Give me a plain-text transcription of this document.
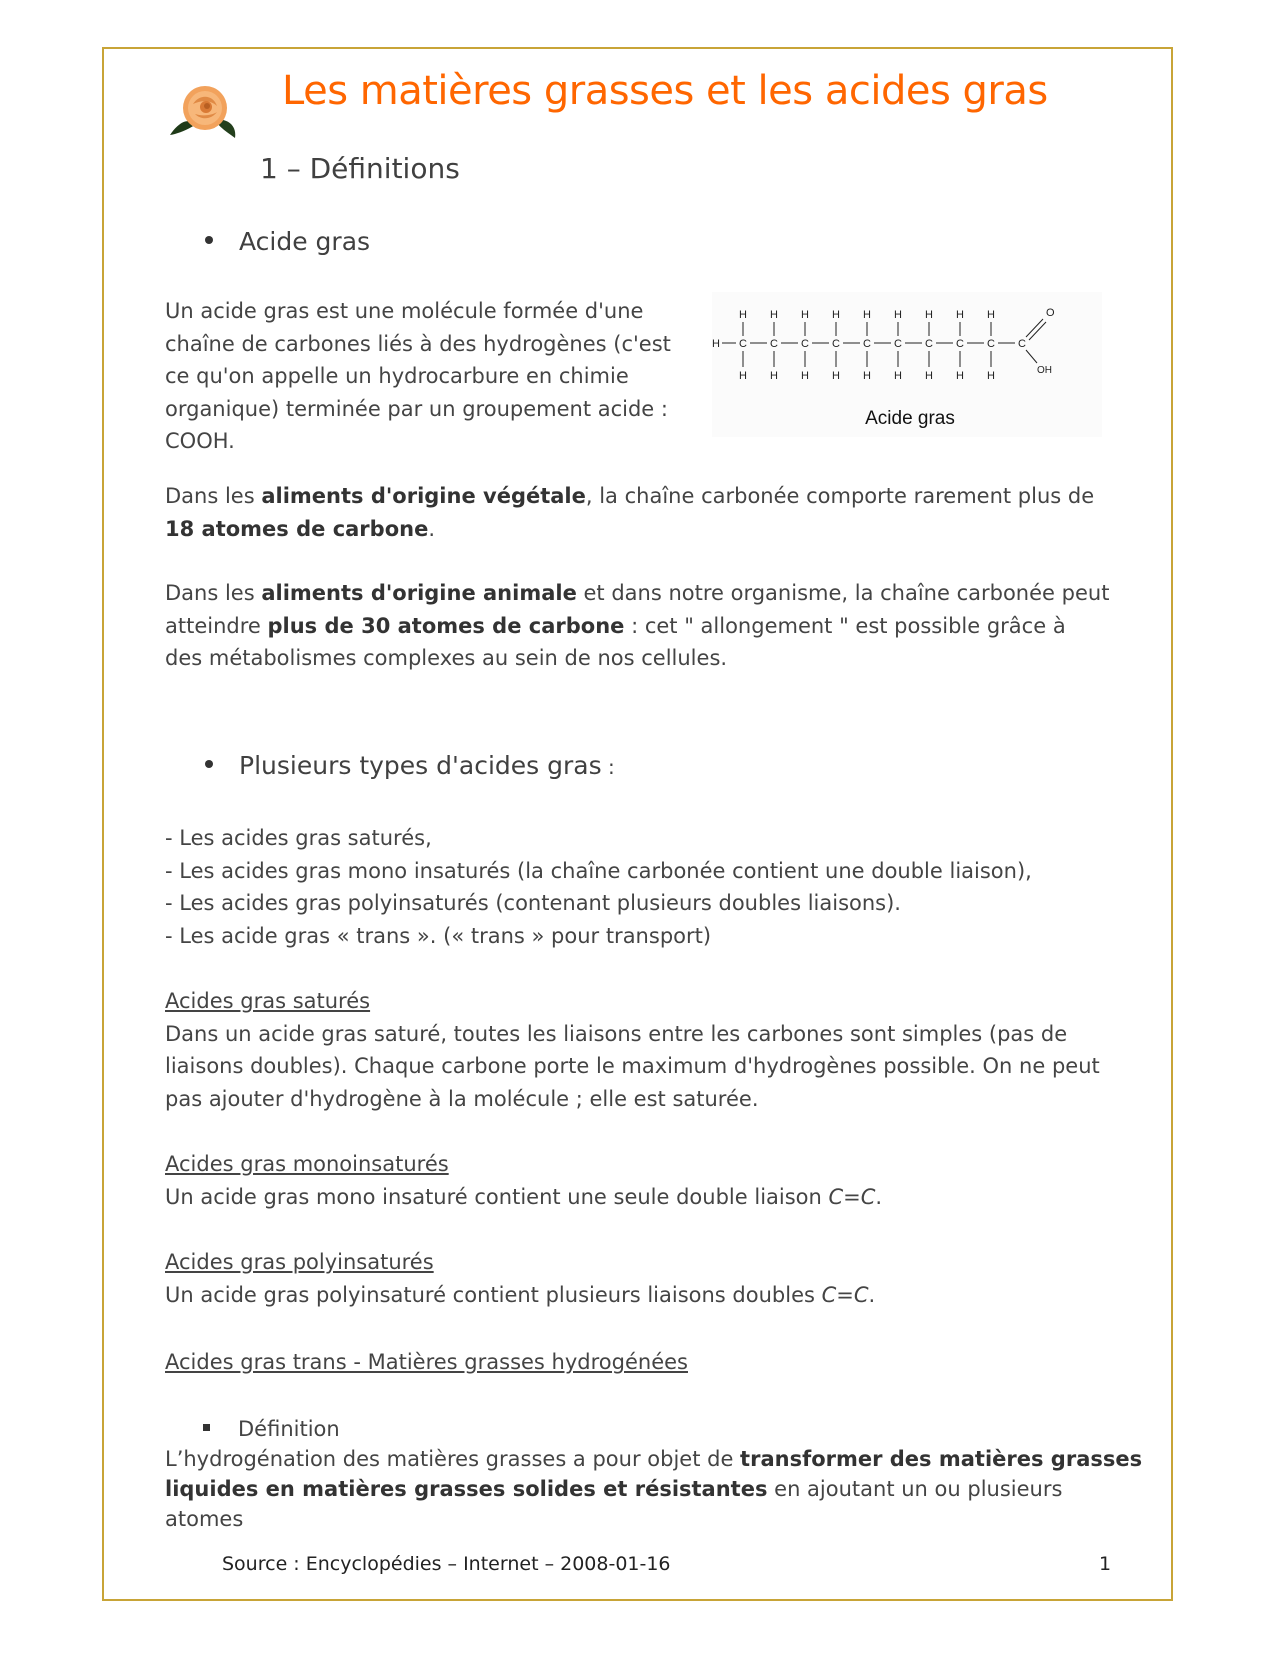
Les matières grasses et les acides gras
1 – Définitions
Acide gras
Un acide gras est une molécule formée d'une
chaîne de carbones liés à des hydrogènes (c'est
ce qu'on appelle un hydrocarbure en chimie
organique) terminée par un groupement acide :
COOH.
H C
H
H
C
H
H
C
H
H
C
H
H
C
H
H
C
H
H
C
H
H
C
H
H
C
H
H
C
O
OH
Acide gras
Dans les aliments d'origine végétale, la chaîne carbonée comporte rarement plus de
18 atomes de carbone.
Dans les aliments d'origine animale et dans notre organisme, la chaîne carbonée peut
atteindre plus de 30 atomes de carbone : cet " allongement " est possible grâce à
des métabolismes complexes au sein de nos cellules.
Plusieurs types d'acides gras :
- Les acides gras saturés,
- Les acides gras mono insaturés (la chaîne carbonée contient une double liaison),
- Les acides gras polyinsaturés (contenant plusieurs doubles liaisons).
- Les acide gras « trans ». (« trans » pour transport)
Acides gras saturés
Dans un acide gras saturé, toutes les liaisons entre les carbones sont simples (pas de
liaisons doubles). Chaque carbone porte le maximum d'hydrogènes possible. On ne peut
pas ajouter d'hydrogène à la molécule ; elle est saturée.
Acides gras monoinsaturés
Un acide gras mono insaturé contient une seule double liaison C=C.
Acides gras polyinsaturés
Un acide gras polyinsaturé contient plusieurs liaisons doubles C=C.
Acides gras trans - Matières grasses hydrogénées
Définition
L’hydrogénation des matières grasses a pour objet de transformer des matières grasses
liquides en matières grasses solides et résistantes en ajoutant un ou plusieurs atomes
Source : Encyclopédies – Internet – 2008-01-16	1
